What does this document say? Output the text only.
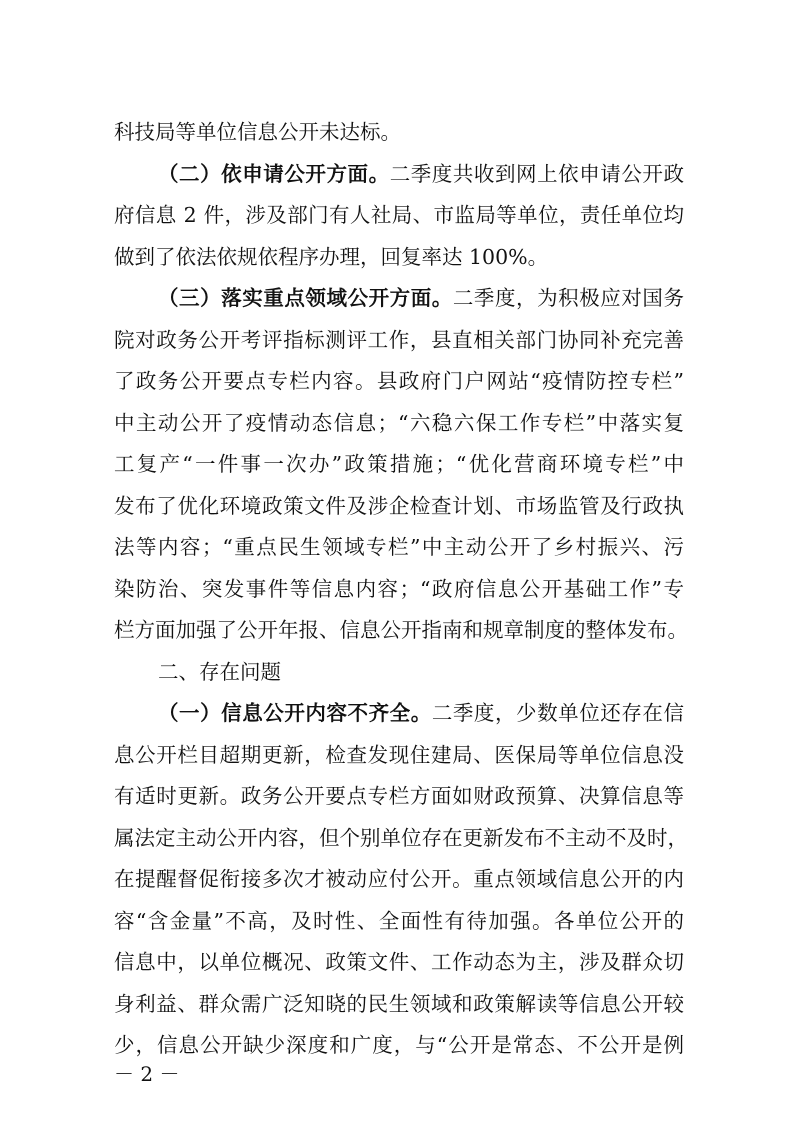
科技局等单位信息公开未达标。
（二）依申请公开方面。二季度共收到网上依申请公开政
府信息 2 件，涉及部门有人社局、市监局等单位，责任单位均
做到了依法依规依程序办理，回复率达 100%。
（三）落实重点领域公开方面。二季度，为积极应对国务
院对政务公开考评指标测评工作，县直相关部门协同补充完善
了政务公开要点专栏内容。县政府门户网站“疫情防控专栏”
中主动公开了疫情动态信息；“六稳六保工作专栏”中落实复
工复产“一件事一次办”政策措施；“优化营商环境专栏”中
发布了优化环境政策文件及涉企检查计划、市场监管及行政执
法等内容；“重点民生领域专栏”中主动公开了乡村振兴、污
染防治、突发事件等信息内容；“政府信息公开基础工作”专
栏方面加强了公开年报、信息公开指南和规章制度的整体发布。
二、存在问题
（一）信息公开内容不齐全。二季度，少数单位还存在信
息公开栏目超期更新，检查发现住建局、医保局等单位信息没
有适时更新。政务公开要点专栏方面如财政预算、决算信息等
属法定主动公开内容，但个别单位存在更新发布不主动不及时，
在提醒督促衔接多次才被动应付公开。重点领域信息公开的内
容“含金量”不高，及时性、全面性有待加强。各单位公开的
信息中，以单位概况、政策文件、工作动态为主，涉及群众切
身利益、群众需广泛知晓的民生领域和政策解读等信息公开较
少，信息公开缺少深度和广度，与“公开是常态、不公开是例
－ 2 －
